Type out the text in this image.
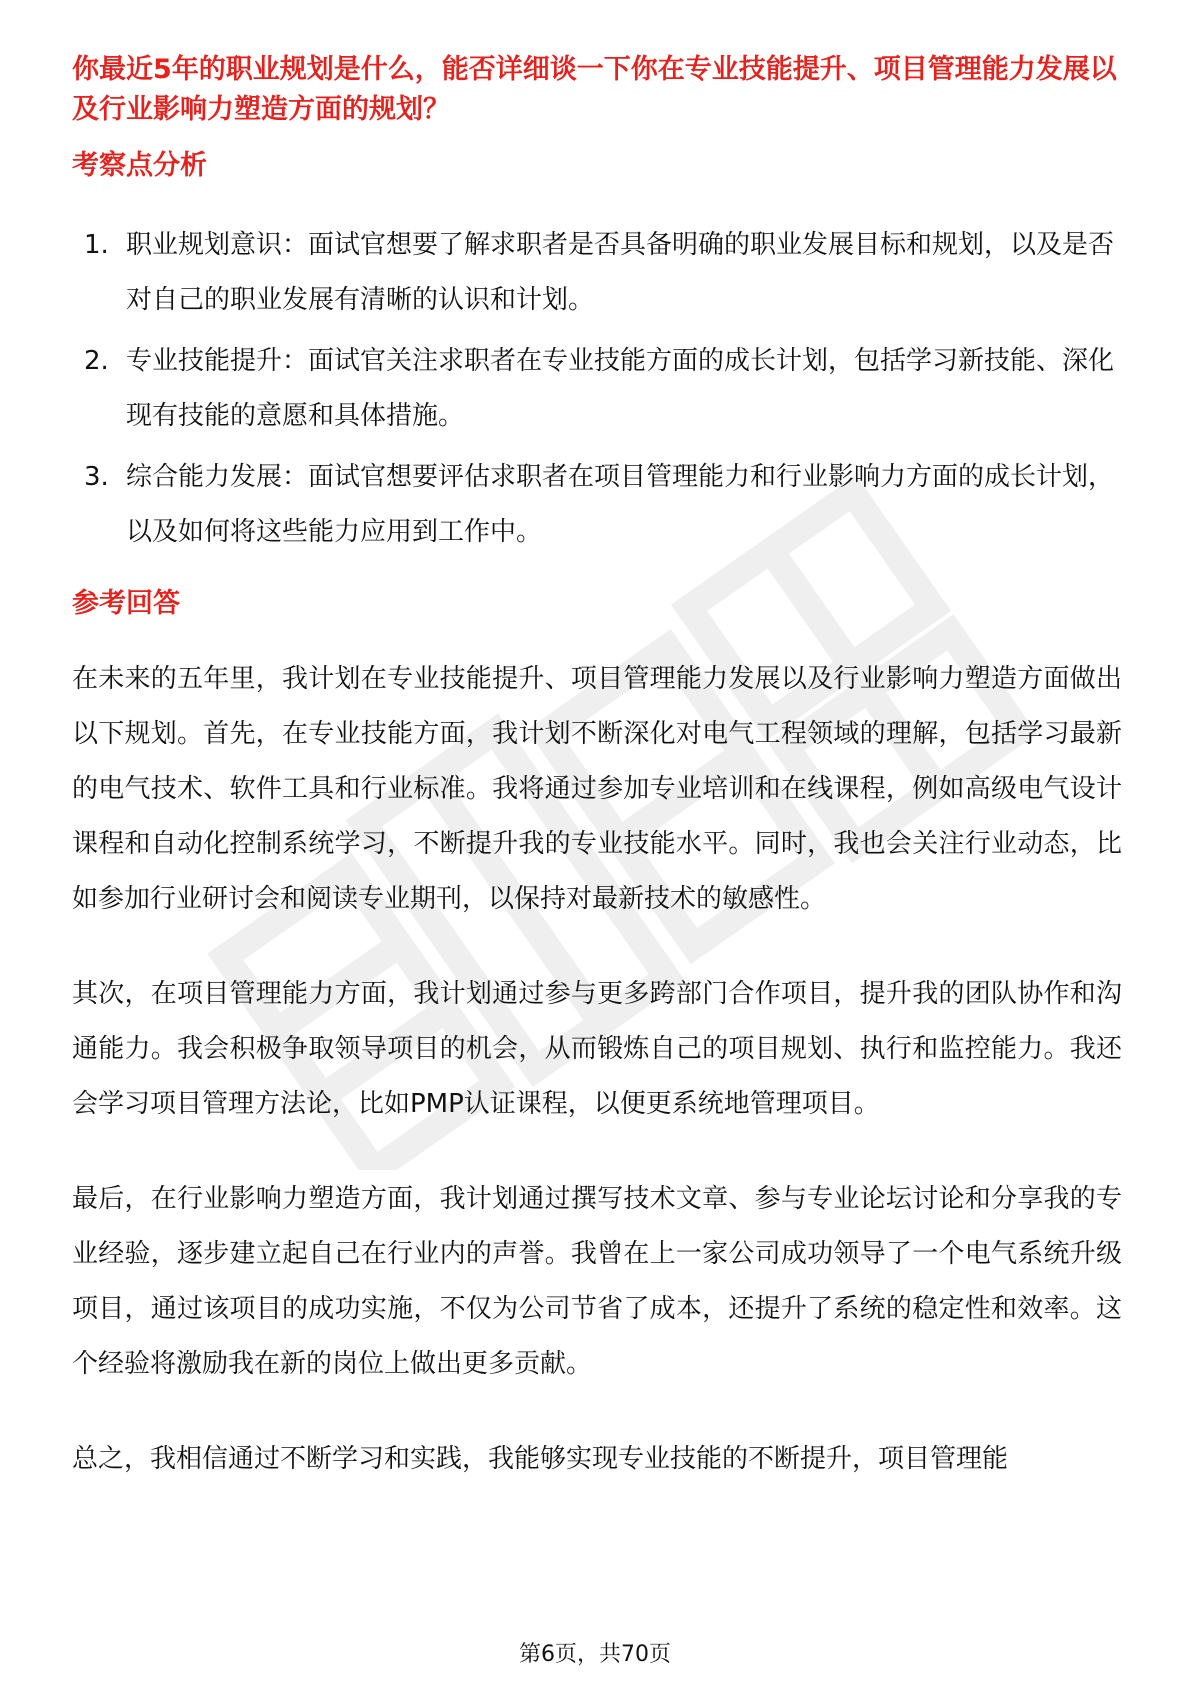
你最近5年的职业规划是什么，能否详细谈一下你在专业技能提升、项目管理能力发展以及行业影响力塑造方面的规划？
考察点分析
1. 职业规划意识：面试官想要了解求职者是否具备明确的职业发展目标和规划，以及是否对自己的职业发展有清晰的认识和计划。
2. 专业技能提升：面试官关注求职者在专业技能方面的成长计划，包括学习新技能、深化现有技能的意愿和具体措施。
3. 综合能力发展：面试官想要评估求职者在项目管理能力和行业影响力方面的成长计划，以及如何将这些能力应用到工作中。
参考回答

在未来的五年里，我计划在专业技能提升、项目管理能力发展以及行业影响力塑造方面做出以下规划。首先，在专业技能方面，我计划不断深化对电气工程领域的理解，包括学习最新的电气技术、软件工具和行业标准。我将通过参加专业培训和在线课程，例如高级电气设计课程和自动化控制系统学习，不断提升我的专业技能水平。同时，我也会关注行业动态，比如参加行业研讨会和阅读专业期刊，以保持对最新技术的敏感性。

其次，在项目管理能力方面，我计划通过参与更多跨部门合作项目，提升我的团队协作和沟通能力。我会积极争取领导项目的机会，从而锻炼自己的项目规划、执行和监控能力。我还会学习项目管理方法论，比如PMP认证课程，以便更系统地管理项目。

最后，在行业影响力塑造方面，我计划通过撰写技术文章、参与专业论坛讨论和分享我的专业经验，逐步建立起自己在行业内的声誉。我曾在上一家公司成功领导了一个电气系统升级项目，通过该项目的成功实施，不仅为公司节省了成本，还提升了系统的稳定性和效率。这个经验将激励我在新的岗位上做出更多贡献。

总之，我相信通过不断学习和实践，我能够实现专业技能的不断提升，项目管理能

第6页，共70页
